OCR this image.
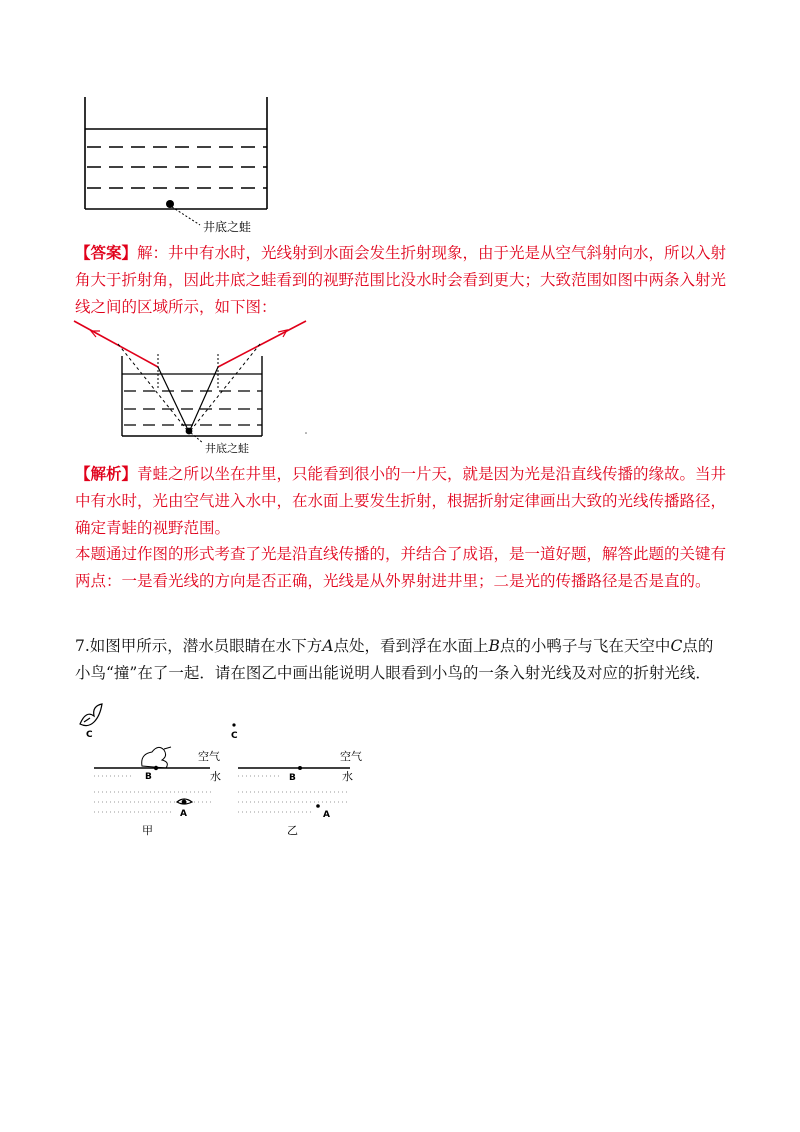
井底之蛙
【答案】解：井中有水时，光线射到水面会发生折射现象，由于光是从空气斜射向水，所以入射角大于折射角，因此井底之蛙看到的视野范围比没水时会看到更大；大致范围如图中两条入射光线之间的区域所示，如下图：
井底之蛙
【解析】青蛙之所以坐在井里，只能看到很小的一片天，就是因为光是沿直线传播的缘故。当井中有水时，光由空气进入水中，在水面上要发生折射，根据折射定律画出大致的光线传播路径，确定青蛙的视野范围。
本题通过作图的形式考查了光是沿直线传播的，并结合了成语，是一道好题，解答此题的关键有两点：一是看光线的方向是否正确，光线是从外界射进井里；二是光的传播路径是否是直的。
7.如图甲所示，潜水员眼睛在水下方A点处，看到浮在水面上B点的小鸭子与飞在天空中C点的小鸟“撞”在了一起．请在图乙中画出能说明人眼看到小鸟的一条入射光线及对应的折射光线．
C
空气
B	水
A
甲
C
空气
B	水
A
乙
